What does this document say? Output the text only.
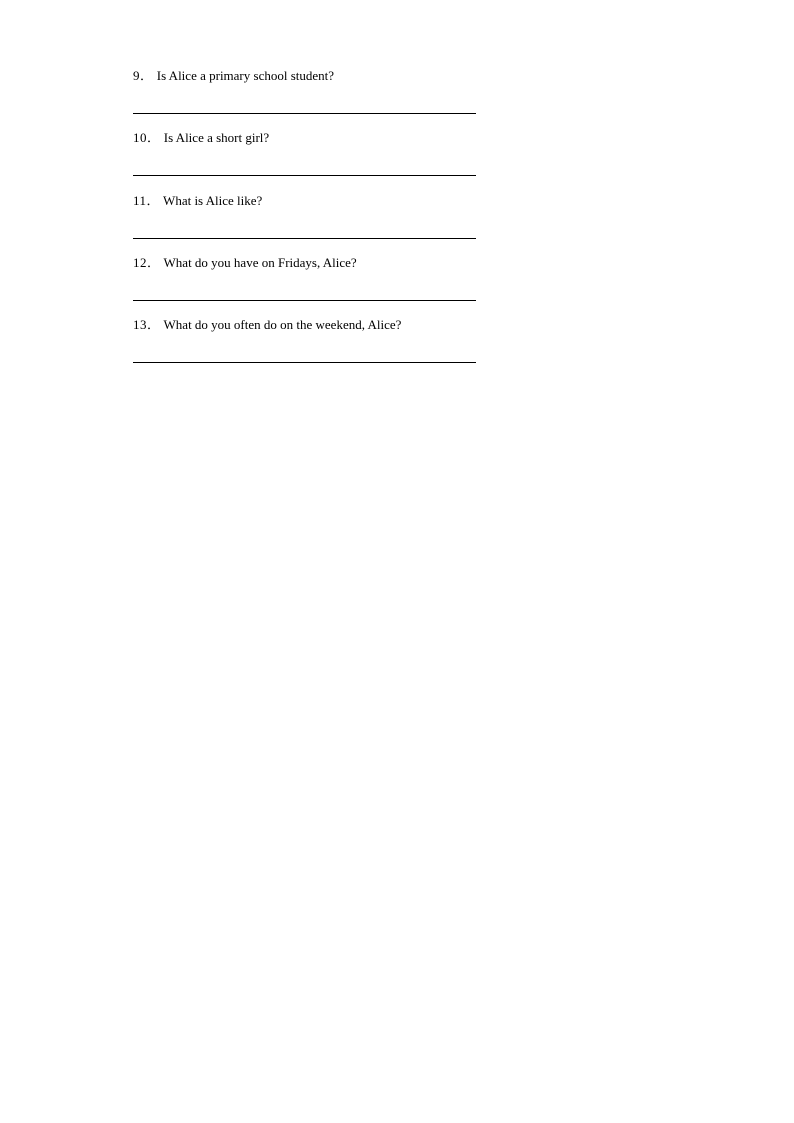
9． Is Alice a primary school student?
10． Is Alice a short girl?
11． What is Alice like?
12． What do you have on Fridays, Alice?
13． What do you often do on the weekend, Alice?
